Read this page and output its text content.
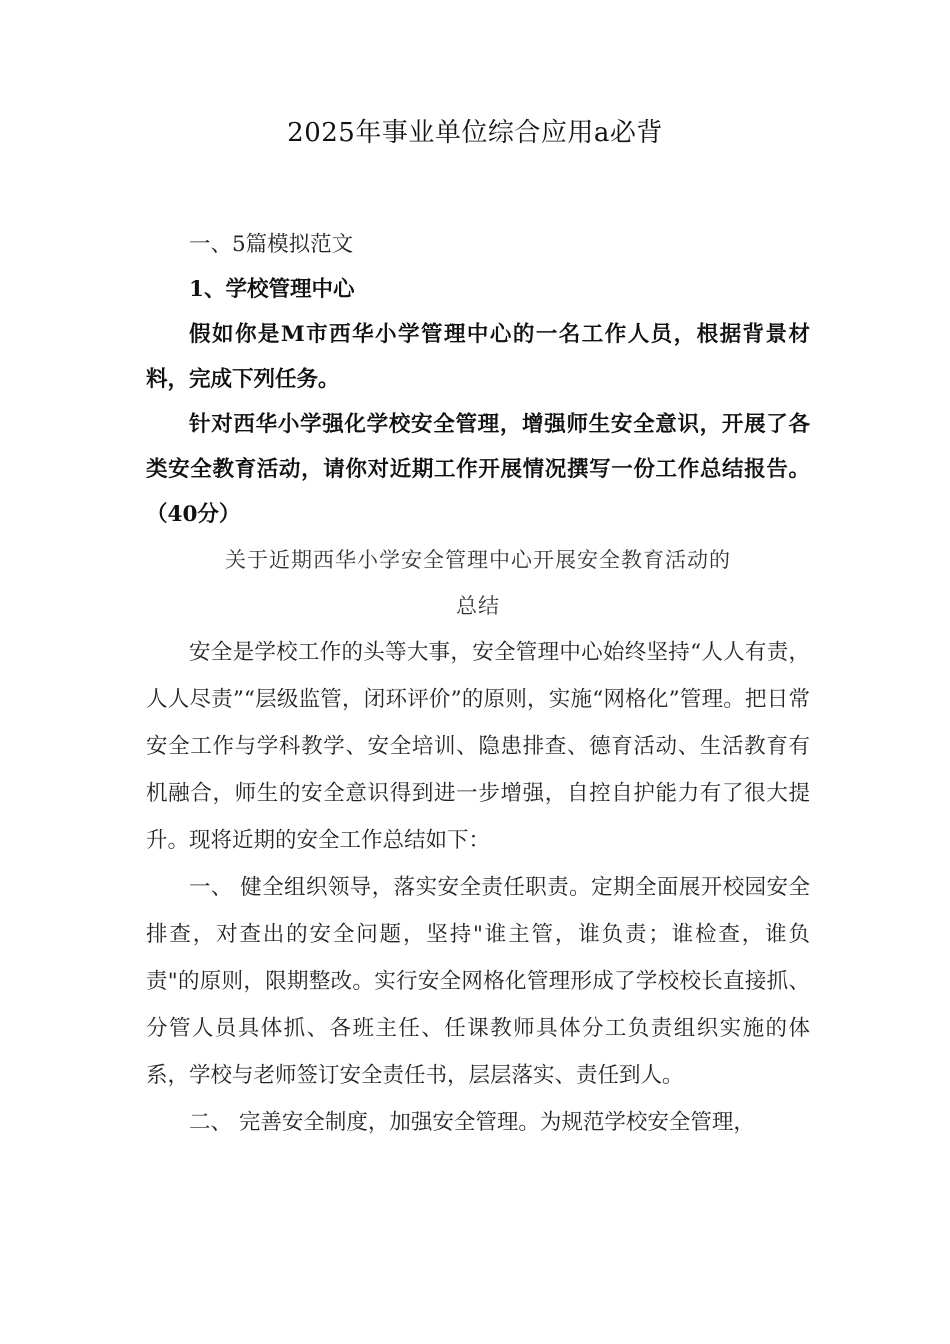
2025年事业单位综合应用a必背

一、5篇模拟范文

1、学校管理中心

假如你是M市西华小学管理中心的一名工作人员，根据背景材料，完成下列任务。

针对西华小学强化学校安全管理，增强师生安全意识，开展了各类安全教育活动，请你对近期工作开展情况撰写一份工作总结报告。（40分）

关于近期西华小学安全管理中心开展安全教育活动的

总结

安全是学校工作的头等大事，安全管理中心始终坚持“人人有责，人人尽责”“层级监管，闭环评价”的原则，实施“网格化”管理。把日常安全工作与学科教学、安全培训、隐患排查、德育活动、生活教育有机融合，师生的安全意识得到进一步增强，自控自护能力有了很大提升。现将近期的安全工作总结如下：

一、 健全组织领导，落实安全责任职责。定期全面展开校园安全排查，对查出的安全问题，坚持"谁主管，谁负责；谁检查，谁负责"的原则，限期整改。实行安全网格化管理形成了学校校长直接抓、分管人员具体抓、各班主任、任课教师具体分工负责组织实施的体系，学校与老师签订安全责任书，层层落实、责任到人。

二、 完善安全制度，加强安全管理。为规范学校安全管理，
